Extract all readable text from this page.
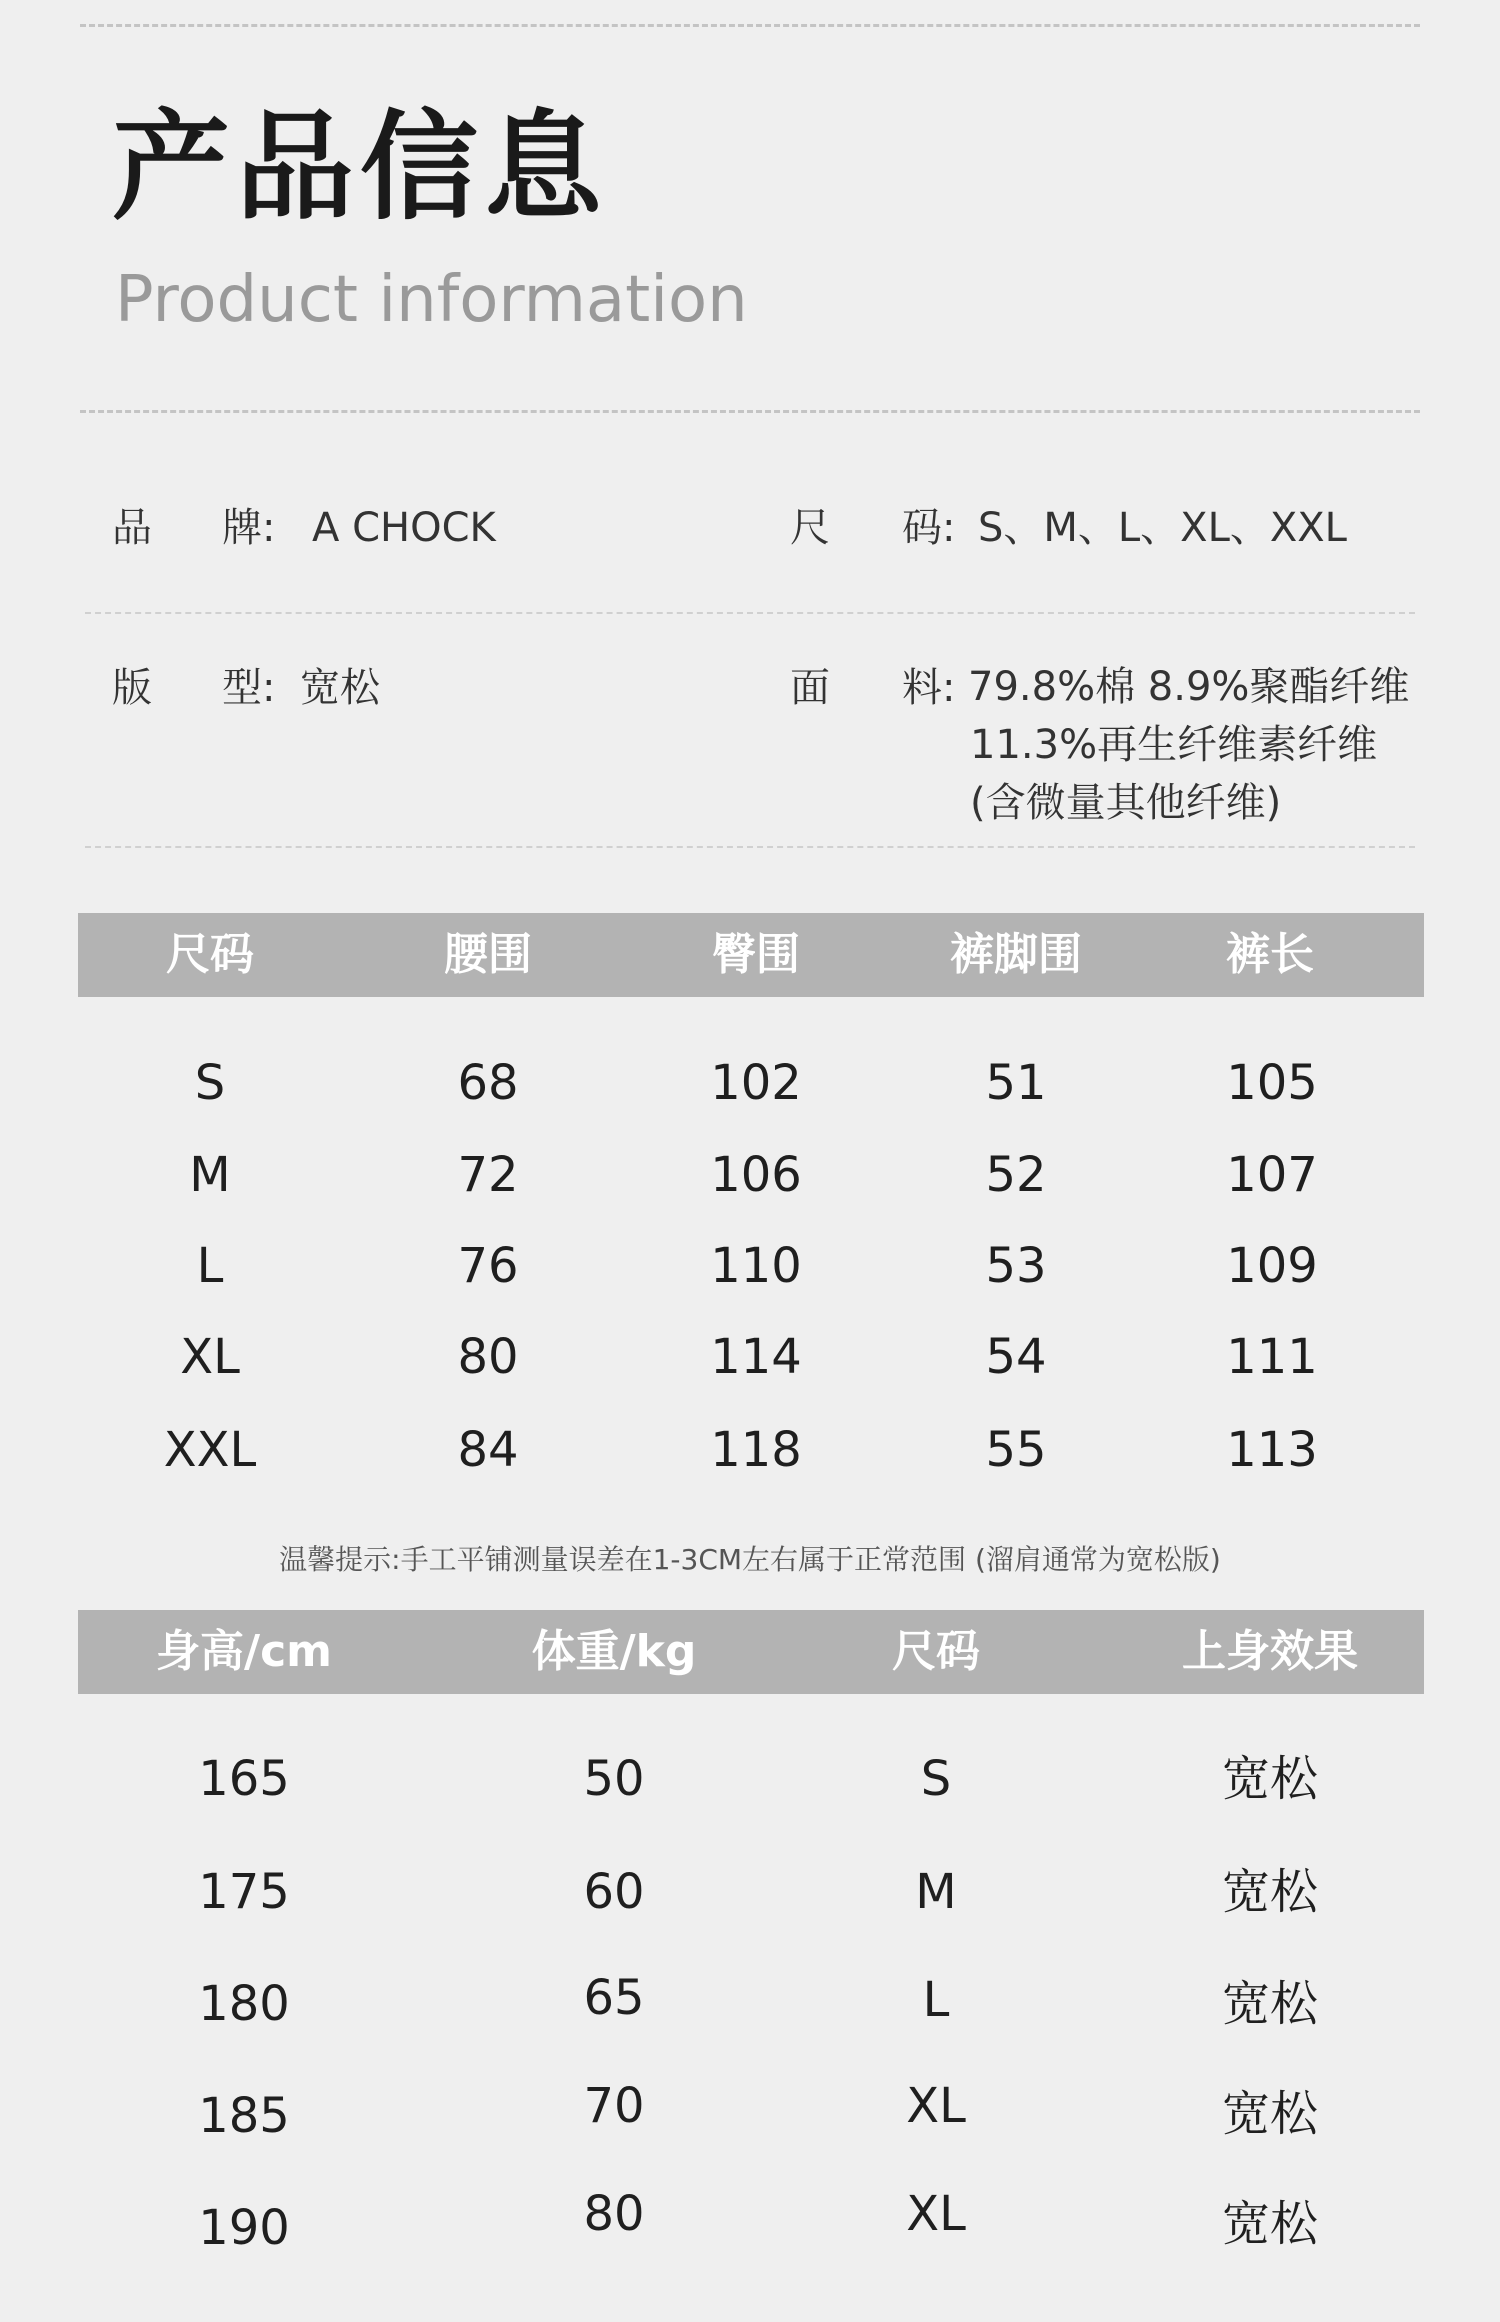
产品信息
Product information
品 牌: A CHOCK	尺 码: S、M、L、XL、XXL
版 型: 宽松	面 料: 79.8%棉 8.9%聚酯纤维
11.3%再生纤维素纤维
(含微量其他纤维)
尺码	腰围	臀围	裤脚围	裤长
S	68	102	51	105
M	72	106	52	107
L	76	110	53	109
XL	80	114	54	111
XXL	84	118	55	113
温馨提示:手工平铺测量误差在1-3CM左右属于正常范围 (溜肩通常为宽松版)
身高/cm	体重/kg	尺码	上身效果
165	50	S	宽松
175	60	M	宽松
180	65	L	宽松
185	70	XL	宽松
190	80	XL	宽松
